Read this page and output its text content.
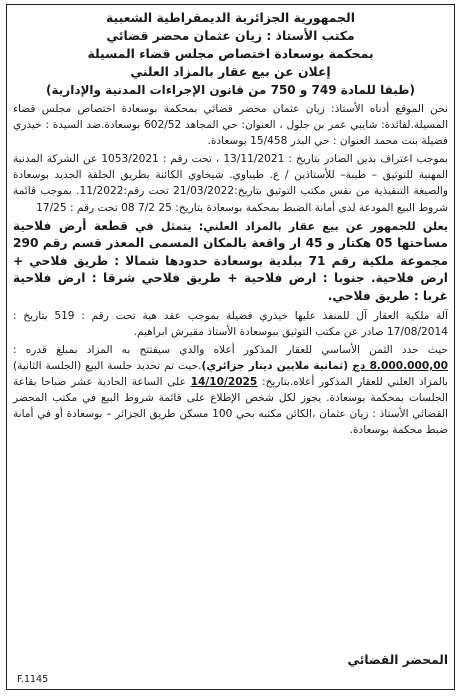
الجمهورية الجزائرية الديمقراطية الشعبية
مكتب الأستاذ : زيان عثمان محضر قضائي
بمحكمة بوسعادة اختصاص مجلس قضاء المسيلة
إعلان عن بيع عقار بالمزاد العلني
(طبقا للمادة 749 و 750 من قانون الإجراءات المدنية والإدارية)

نحن الموقع أدناه الأستاذ: زيان عثمان محضر قضائي بمحكمة بوسعادة اختصاص مجلس قضاء المسيلة.لفائدة: شايبي عمر بن جلول ، العنوان: حي المجاهد 602/52 بوسعادة.ضد السيدة : خيذري فضيلة بنت محمد العنوان : حي البدر 15/458 بوسعادة.

بموجب اعتراف بدين الصادر بتاريخ : 13/11/2021 ، تحت رقم : 1053/2021 عن الشركة المدنية المهنية للتوثيق – طيبة– للأستاذين / ع. طيباوي. شيخاوي الكائنة بطريق الجلفة الجديد بوسعادة والصيغة التنفيذية من نفس مكتب التوثيق بتاريخ:21/03/2022 تحت رقم:11/2022. بموجب قائمة شروط البيع المودعة لدى أمانة الضبط بمحكمة بوسعادة بتاريخ: 25 7/2 08 تحت رقم : 17/25

يعلن للجمهور عن بيع عقار بالمزاد العلني: يتمثل في قطعة أرض فلاحية مساحتها 05 هكتار و 45 ار واقعة بالمكان المسمى المعذر قسم رقم 290 مجموعة ملكية رقم 71 ببلدية بوسعادة حدودها شمالا : طريق فلاحي + ارض فلاحية. جنوبا : ارض فلاحية + طريق فلاحي شرقا : ارض فلاحية غربا : طريق فلاحي.

آلة ملكية العقار آل للمنفذ عليها خيذري فضيلة بموجب عقد هبة تحت رقم : 519 بتاريخ : 17/08/2014 صادر عن مكتب التوثيق ببوسعادة الأستاذ مقيرش ابراهيم.

حيث حدد الثمن الأساسي للعقار المذكور أعلاه والذي سيفتتح به المزاد بمبلغ قدره : 8.000.000,00 دج (ثمانية ملايين دينار جزائري).حيث تم تحديد جلسة البيع (الجلسة الثانية) بالمزاد العلني للعقار المذكور أعلاه.بتاريخ: 14/10/2025 على الساعة الحادية عشر صباحا بقاعة الجلسات بمحكمة بوسعادة. يجوز لكل شخص الإطلاع على قائمة شروط البيع في مكتب المحضر القضائي الأستاذ : زيان عثمان ،الكائن مكتبه بحي 100 مسكن طريق الجزائر – بوسعادة أو في أمانة ضبط محكمة بوسعادة.

المحضر القضائي
F.1145
